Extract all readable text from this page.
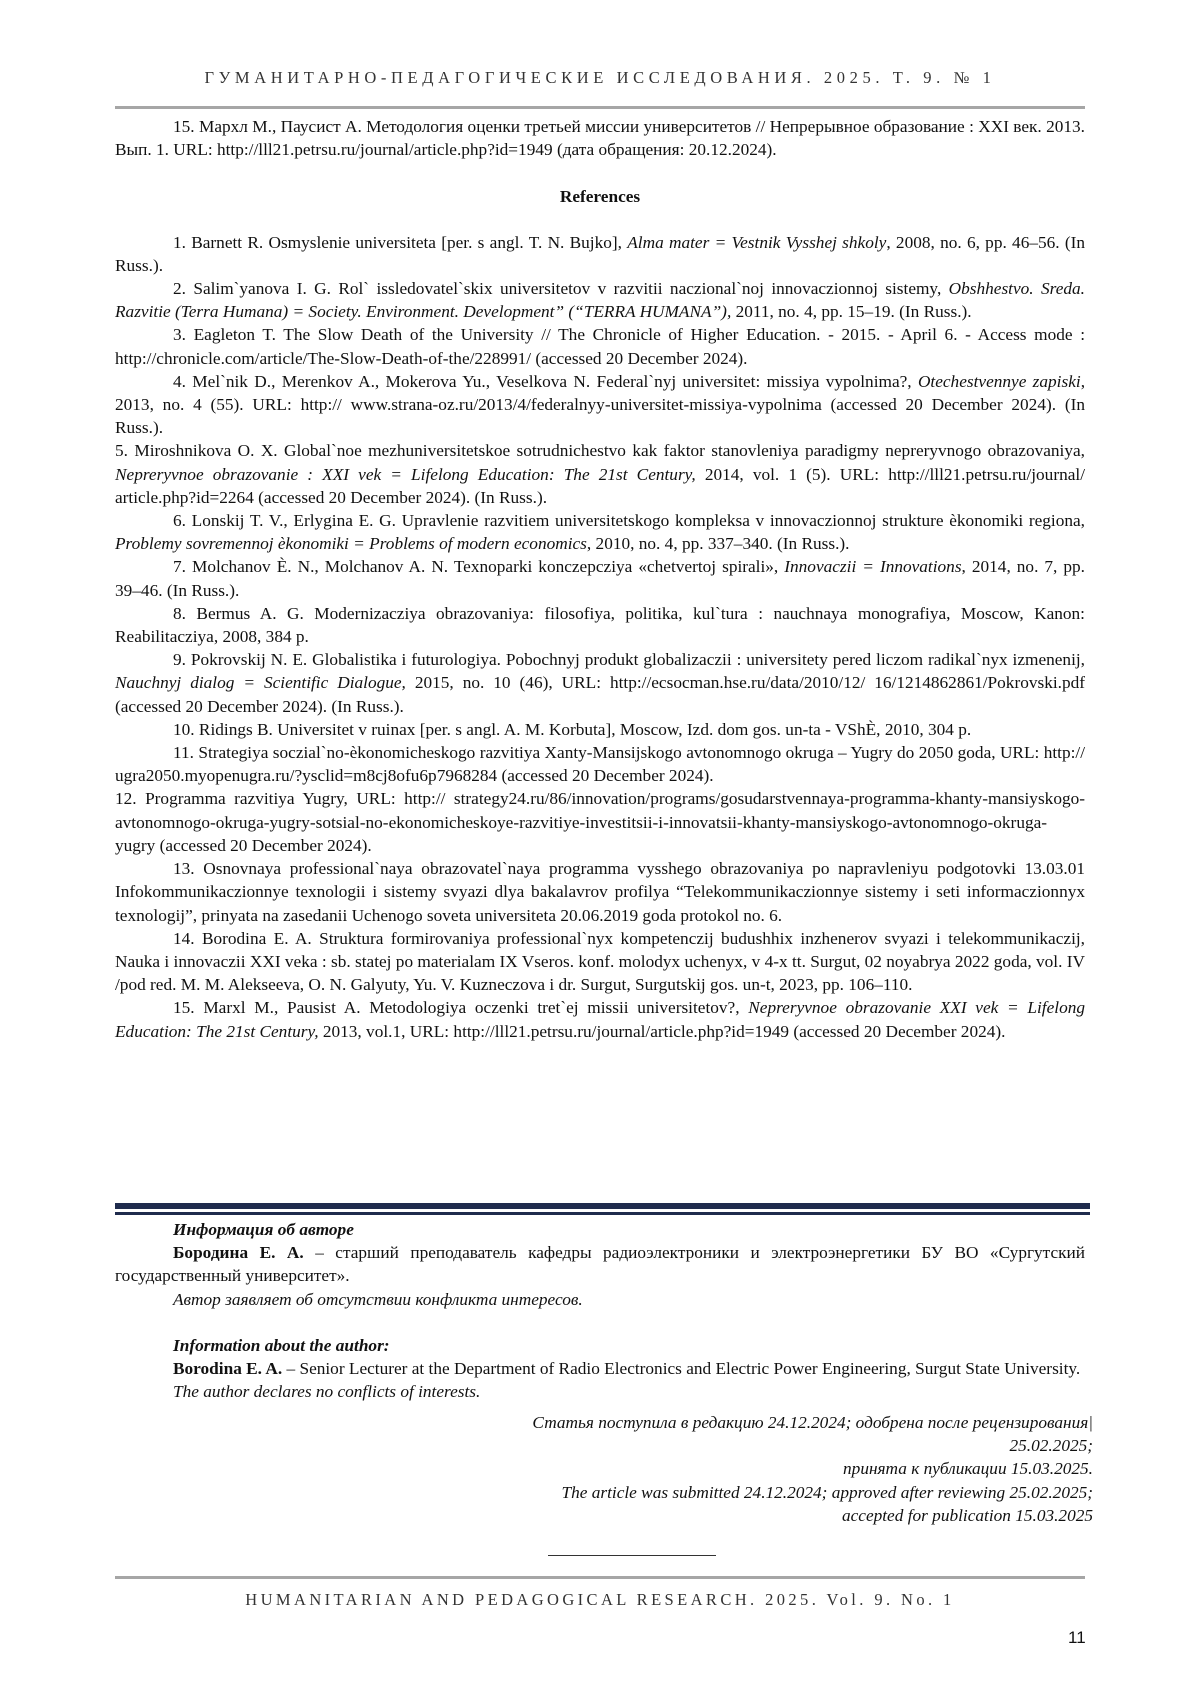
ГУМАНИТАРНО-ПЕДАГОГИЧЕСКИЕ ИССЛЕДОВАНИЯ. 2025. Т. 9. № 1

15. Мархл М., Паусист А. Методология оценки третьей миссии университетов // Непрерывное образование : XXI век. 2013. Вып. 1. URL: http://lll21.petrsu.ru/journal/article.php?id=1949 (дата обращения: 20.12.2024).

References

1. Barnett R. Osmyslenie universiteta [per. s angl. T. N. Bujko], Alma mater = Vestnik Vysshej shkoly, 2008, no. 6, pp. 46–56. (In Russ.).

2. Salim`yanova I. G. Rol` issledovatel`skix universitetov v razvitii naczional`noj innovaczionnoj sistemy, Obshhestvo. Sreda. Razvitie (Terra Humana) = Society. Environment. Development” (“TERRA HUMANA”), 2011, no. 4, pp. 15–19. (In Russ.).

3. Eagleton T. The Slow Death of the University // The Chronicle of Higher Education. - 2015. - April 6. - Access mode : http://chronicle.com/article/The-Slow-Death-of-the/228991/ (accessed 20 December 2024).

4. Mel`nik D., Merenkov A., Mokerova Yu., Veselkova N. Federal`nyj universitet: missiya vypolnima?, Otechestvennye zapiski, 2013, no. 4 (55). URL: http:// www.strana-oz.ru/2013/4/federalnyy-universitet-missiya-vypolnima (accessed 20 December 2024). (In Russ.).

5. Miroshnikova O. X. Global`noe mezhuniversitetskoe sotrudnichestvo kak faktor stanovleniya paradigmy nepreryvnogo obrazovaniya, Nepreryvnoe obrazovanie : XXI vek = Lifelong Education: The 21st Century, 2014, vol. 1 (5). URL: http://lll21.petrsu.ru/journal/ article.php?id=2264 (accessed 20 December 2024). (In Russ.).

6. Lonskij T. V., Erlygina E. G. Upravlenie razvitiem universitetskogo kompleksa v innovaczionnoj strukture èkonomiki regiona, Problemy sovremennoj èkonomiki = Problems of modern economics, 2010, no. 4, pp. 337–340. (In Russ.).

7. Molchanov È. N., Molchanov A. N. Texnoparki konczepcziya «chetvertoj spirali», Innovaczii = Innovations, 2014, no. 7, pp. 39–46. (In Russ.).

8. Bermus A. G. Modernizacziya obrazovaniya: filosofiya, politika, kul`tura : nauchnaya monografiya, Moscow, Kanon: Reabilitacziya, 2008, 384 p.

9. Pokrovskij N. E. Globalistika i futurologiya. Pobochnyj produkt globalizaczii : universitety pered liczom radikal`nyx izmenenij, Nauchnyj dialog = Scientific Dialogue, 2015, no. 10 (46), URL: http://ecsocman.hse.ru/data/2010/12/ 16/1214862861/Pokrovski.pdf (accessed 20 December 2024). (In Russ.).

10. Ridings B. Universitet v ruinax [per. s angl. A. M. Korbuta], Moscow, Izd. dom gos. un-ta - VShÈ, 2010, 304 p.

11. Strategiya soczial`no-èkonomicheskogo razvitiya Xanty-Mansijskogo avtonomnogo okruga – Yugry do 2050 goda, URL: http:// ugra2050.myopenugra.ru/?ysclid=m8cj8ofu6p7968284 (accessed 20 December 2024).

12. Programma razvitiya Yugry, URL: http:// strategy24.ru/86/innovation/programs/gosudarstvennaya-programma-khanty-mansiyskogo-avtonomnogo-okruga-yugry-sotsial-no-ekonomicheskoye-razvitiye-investitsii-i-innovatsii-khanty-mansiyskogo-avtonomnogo-okruga-yugry (accessed 20 December 2024).

13. Osnovnaya professional`naya obrazovatel`naya programma vysshego obrazovaniya po napravleniyu podgotovki 13.03.01 Infokommunikaczionnye texnologii i sistemy svyazi dlya bakalavrov profilya “Telekommunikaczionnye sistemy i seti informaczionnyx texnologij”, prinyata na zasedanii Uchenogo soveta universiteta 20.06.2019 goda protokol no. 6.

14. Borodina E. A. Struktura formirovaniya professional`nyx kompetenczij budushhix inzhenerov svyazi i telekommunikaczij, Nauka i innovaczii XXI veka : sb. statej po materialam IX Vseros. konf. molodyx uchenyx, v 4-x tt. Surgut, 02 noyabrya 2022 goda, vol. IV /pod red. M. M. Alekseeva, O. N. Galyuty, Yu. V. Kuzneczova i dr. Surgut, Surgutskij gos. un-t, 2023, pp. 106–110.

15. Marxl M., Pausist A. Metodologiya oczenki tret`ej missii universitetov?, Nepreryvnoe obrazovanie XXI vek = Lifelong Education: The 21st Century, 2013, vol.1, URL: http://lll21.petrsu.ru/journal/article.php?id=1949 (accessed 20 December 2024).

Информация об авторе

Бородина Е. А. – старший преподаватель кафедры радиоэлектроники и электроэнергетики БУ ВО «Сургутский государственный университет».

Автор заявляет об отсутствии конфликта интересов.

Information about the author:

Borodina E. A. – Senior Lecturer at the Department of Radio Electronics and Electric Power Engineering, Surgut State University.

The author declares no conflicts of interests.

Статья поступила в редакцию 24.12.2024; одобрена после рецензирования|

25.02.2025;

принята к публикации 15.03.2025.

The article was submitted 24.12.2024; approved after reviewing 25.02.2025;

accepted for publication 15.03.2025

HUMANITARIAN AND PEDAGOGICAL RESEARCH. 2025. Vol. 9. No. 1
11
